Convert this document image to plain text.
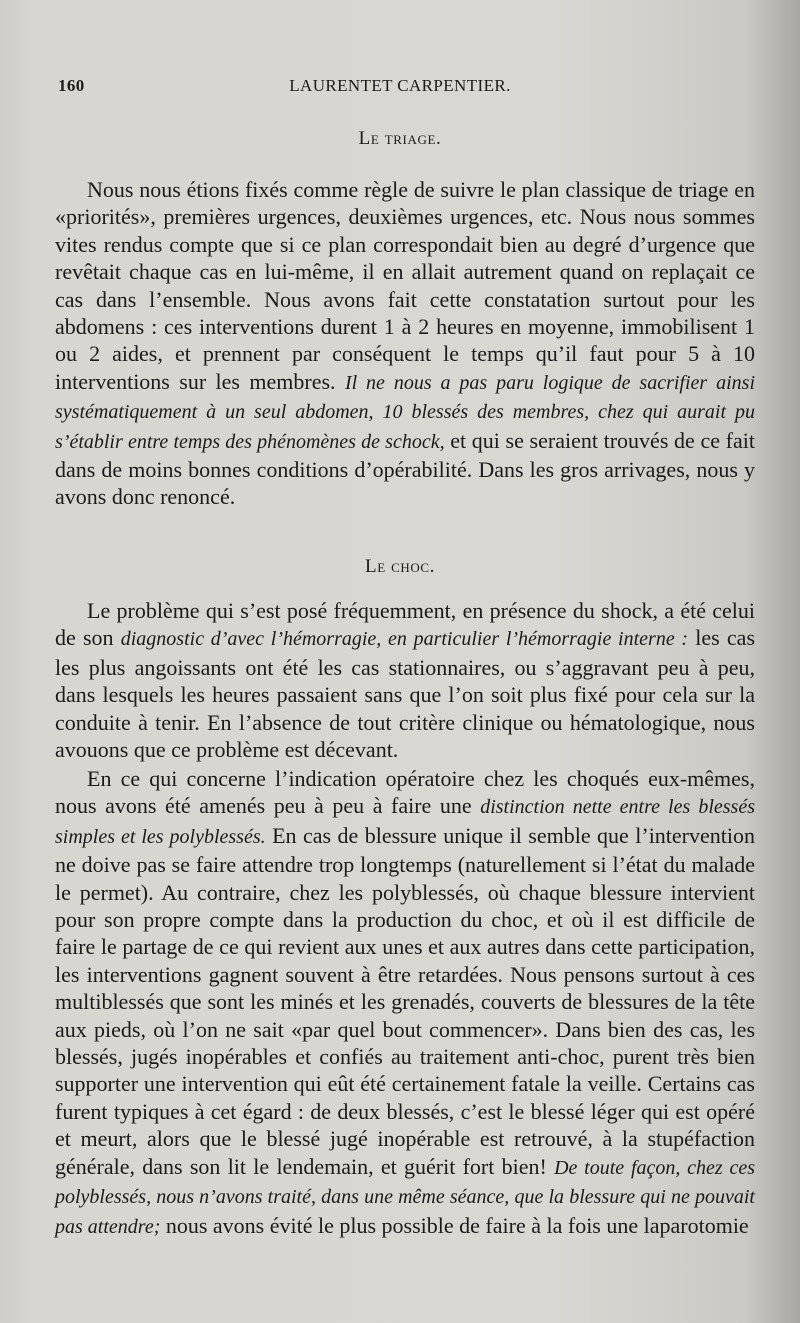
160	LAURENTET CARPENTIER.
Le triage.

Nous nous étions fixés comme règle de suivre le plan classique de triage en «priorités», premières urgences, deuxièmes urgences, etc. Nous nous sommes vites rendus compte que si ce plan correspondait bien au degré d’urgence que revêtait chaque cas en lui-même, il en allait autrement quand on replaçait ce cas dans l’ensemble. Nous avons fait cette constatation surtout pour les abdomens : ces interventions durent 1 à 2 heures en moyenne, immobilisent 1 ou 2 aides, et prennent par conséquent le temps qu’il faut pour 5 à 10 interventions sur les membres. Il ne nous a pas paru logique de sacrifier ainsi systématiquement à un seul abdomen, 10 blessés des membres, chez qui aurait pu s’établir entre temps des phénomènes de schock, et qui se seraient trouvés de ce fait dans de moins bonnes conditions d’opérabilité. Dans les gros arrivages, nous y avons donc renoncé.

Le choc.

Le problème qui s’est posé fréquemment, en présence du shock, a été celui de son diagnostic d’avec l’hémorragie, en particulier l’hémorragie interne : les cas les plus angoissants ont été les cas stationnaires, ou s’aggravant peu à peu, dans lesquels les heures passaient sans que l’on soit plus fixé pour cela sur la conduite à tenir. En l’absence de tout critère clinique ou hématologique, nous avouons que ce problème est décevant.

En ce qui concerne l’indication opératoire chez les choqués eux-mêmes, nous avons été amenés peu à peu à faire une distinction nette entre les blessés simples et les polyblessés. En cas de blessure unique il semble que l’intervention ne doive pas se faire attendre trop longtemps (naturellement si l’état du malade le permet). Au contraire, chez les polyblessés, où chaque blessure intervient pour son propre compte dans la production du choc, et où il est difficile de faire le partage de ce qui revient aux unes et aux autres dans cette participation, les interventions gagnent souvent à être retardées. Nous pensons surtout à ces multiblessés que sont les minés et les grenadés, couverts de blessures de la tête aux pieds, où l’on ne sait «par quel bout commencer». Dans bien des cas, les blessés, jugés inopérables et confiés au traitement anti-choc, purent très bien supporter une intervention qui eût été certainement fatale la veille. Certains cas furent typiques à cet égard : de deux blessés, c’est le blessé léger qui est opéré et meurt, alors que le blessé jugé inopérable est retrouvé, à la stupéfaction générale, dans son lit le lendemain, et guérit fort bien! De toute façon, chez ces polyblessés, nous n’avons traité, dans une même séance, que la blessure qui ne pouvait pas attendre; nous avons évité le plus possible de faire à la fois une laparotomie
